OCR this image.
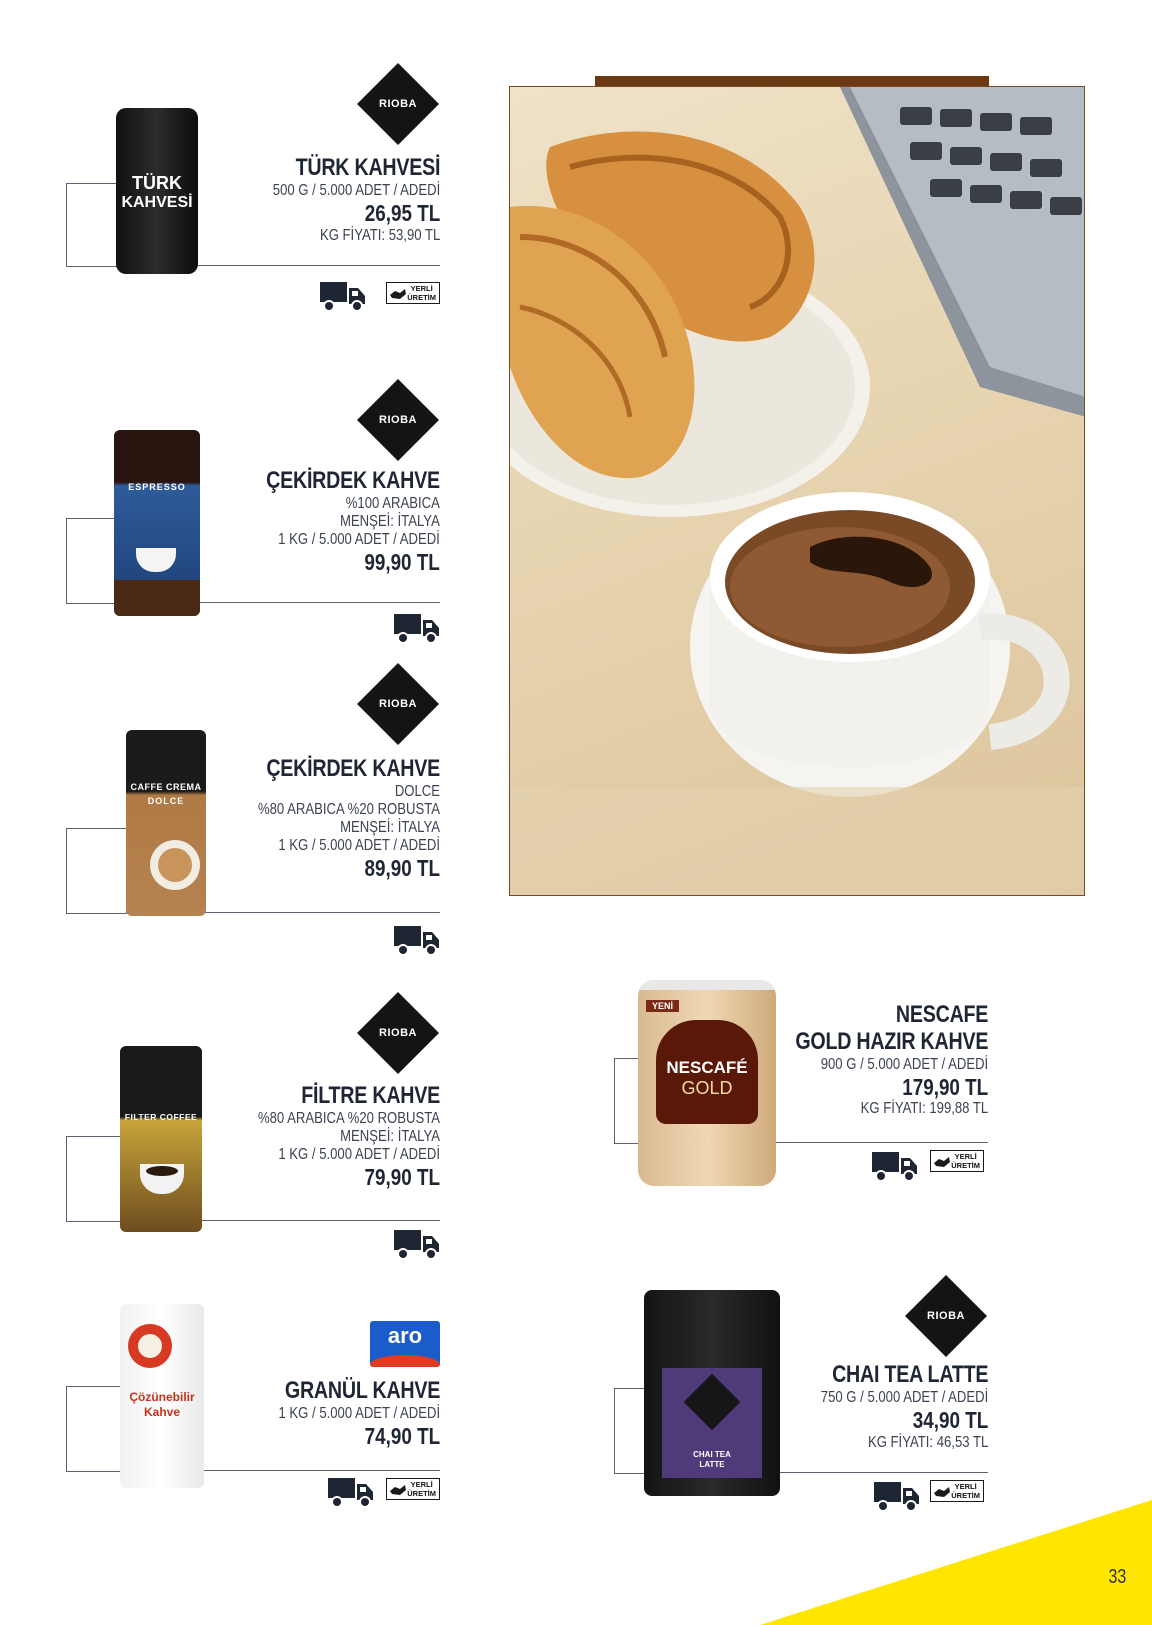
TÜRK
KAHVESİ
RIOBA
TÜRK KAHVESİ
500 G / 5.000 ADET / ADEDİ
26,95 TL
KG FİYATI: 53,90 TL
YERLİ
ÜRETİM
ESPRESSO
RIOBA
ÇEKİRDEK KAHVE
%100 ARABICA
MENŞEİ: İTALYA
1 KG / 5.000 ADET / ADEDİ
99,90 TL
CAFFE CREMA
DOLCE
RIOBA
ÇEKİRDEK KAHVE
DOLCE
%80 ARABICA %20 ROBUSTA
MENŞEİ: İTALYA
1 KG / 5.000 ADET / ADEDİ
89,90 TL
FILTER COFFEE
RIOBA
FİLTRE KAHVE
%80 ARABICA %20 ROBUSTA
MENŞEİ: İTALYA
1 KG / 5.000 ADET / ADEDİ
79,90 TL
Çözünebilir
Kahve
aro
GRANÜL KAHVE
1 KG / 5.000 ADET / ADEDİ
74,90 TL
YERLİ
ÜRETİM
YENİ
NESCAFÉ
GOLD
NESCAFE
GOLD HAZIR KAHVE
900 G / 5.000 ADET / ADEDİ
179,90 TL
KG FİYATI: 199,88 TL
YERLİ
ÜRETİM
CHAI TEA
LATTE
RIOBA
CHAI TEA LATTE
750 G / 5.000 ADET / ADEDİ
34,90 TL
KG FİYATI: 46,53 TL
YERLİ
ÜRETİM
33
